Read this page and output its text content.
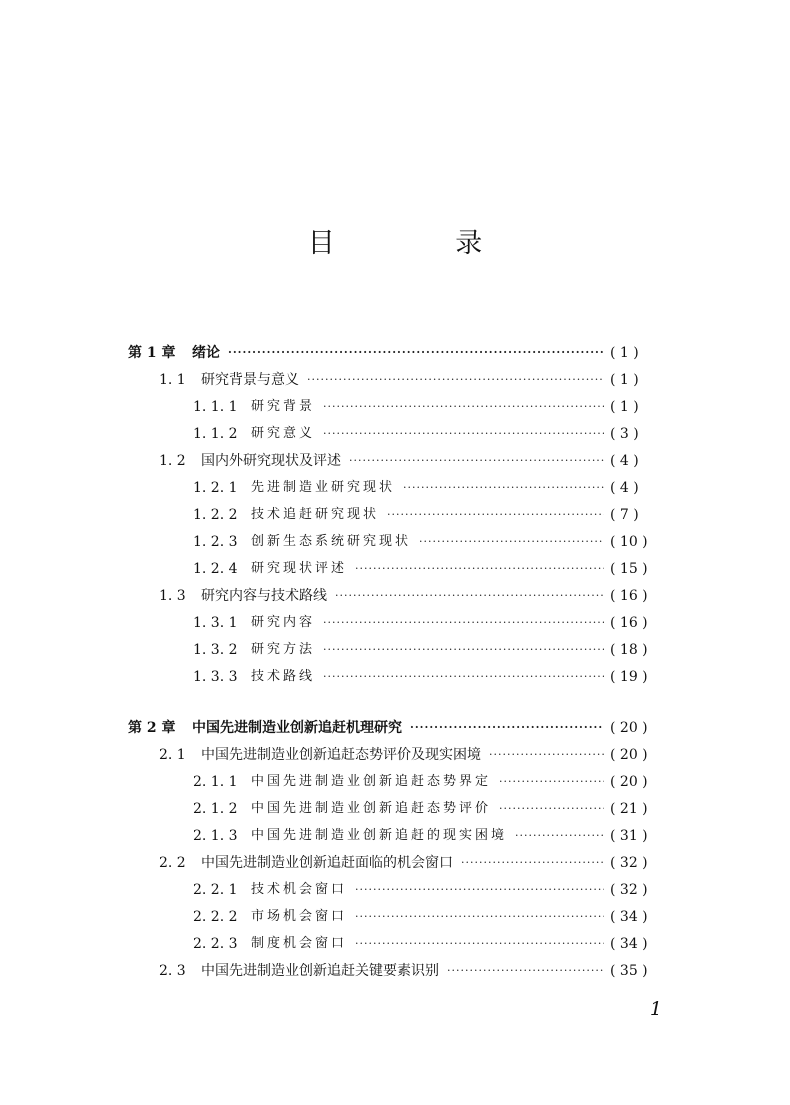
目 录
第 1 章	绪论 ·····	( 1 )
1. 1	研究背景与意义 ·····	( 1 )
1. 1. 1	研究背景 ·····	( 1 )
1. 1. 2	研究意义 ·····	( 3 )
1. 2	国内外研究现状及评述 ·····	( 4 )
1. 2. 1	先进制造业研究现状 ·····	( 4 )
1. 2. 2	技术追赶研究现状 ·····	( 7 )
1. 2. 3	创新生态系统研究现状 ·····	( 10 )
1. 2. 4	研究现状评述 ·····	( 15 )
1. 3	研究内容与技术路线 ·····	( 16 )
1. 3. 1	研究内容 ·····	( 16 )
1. 3. 2	研究方法 ·····	( 18 )
1. 3. 3	技术路线 ·····	( 19 )
第 2 章	中国先进制造业创新追赶机理研究 ·····	( 20 )
2. 1	中国先进制造业创新追赶态势评价及现实困境 ·····	( 20 )
2. 1. 1	中国先进制造业创新追赶态势界定 ·····	( 20 )
2. 1. 2	中国先进制造业创新追赶态势评价 ·····	( 21 )
2. 1. 3	中国先进制造业创新追赶的现实困境 ·····	( 31 )
2. 2	中国先进制造业创新追赶面临的机会窗口 ·····	( 32 )
2. 2. 1	技术机会窗口 ·····	( 32 )
2. 2. 2	市场机会窗口 ·····	( 34 )
2. 2. 3	制度机会窗口 ·····	( 34 )
2. 3	中国先进制造业创新追赶关键要素识别 ·····	( 35 )
1
